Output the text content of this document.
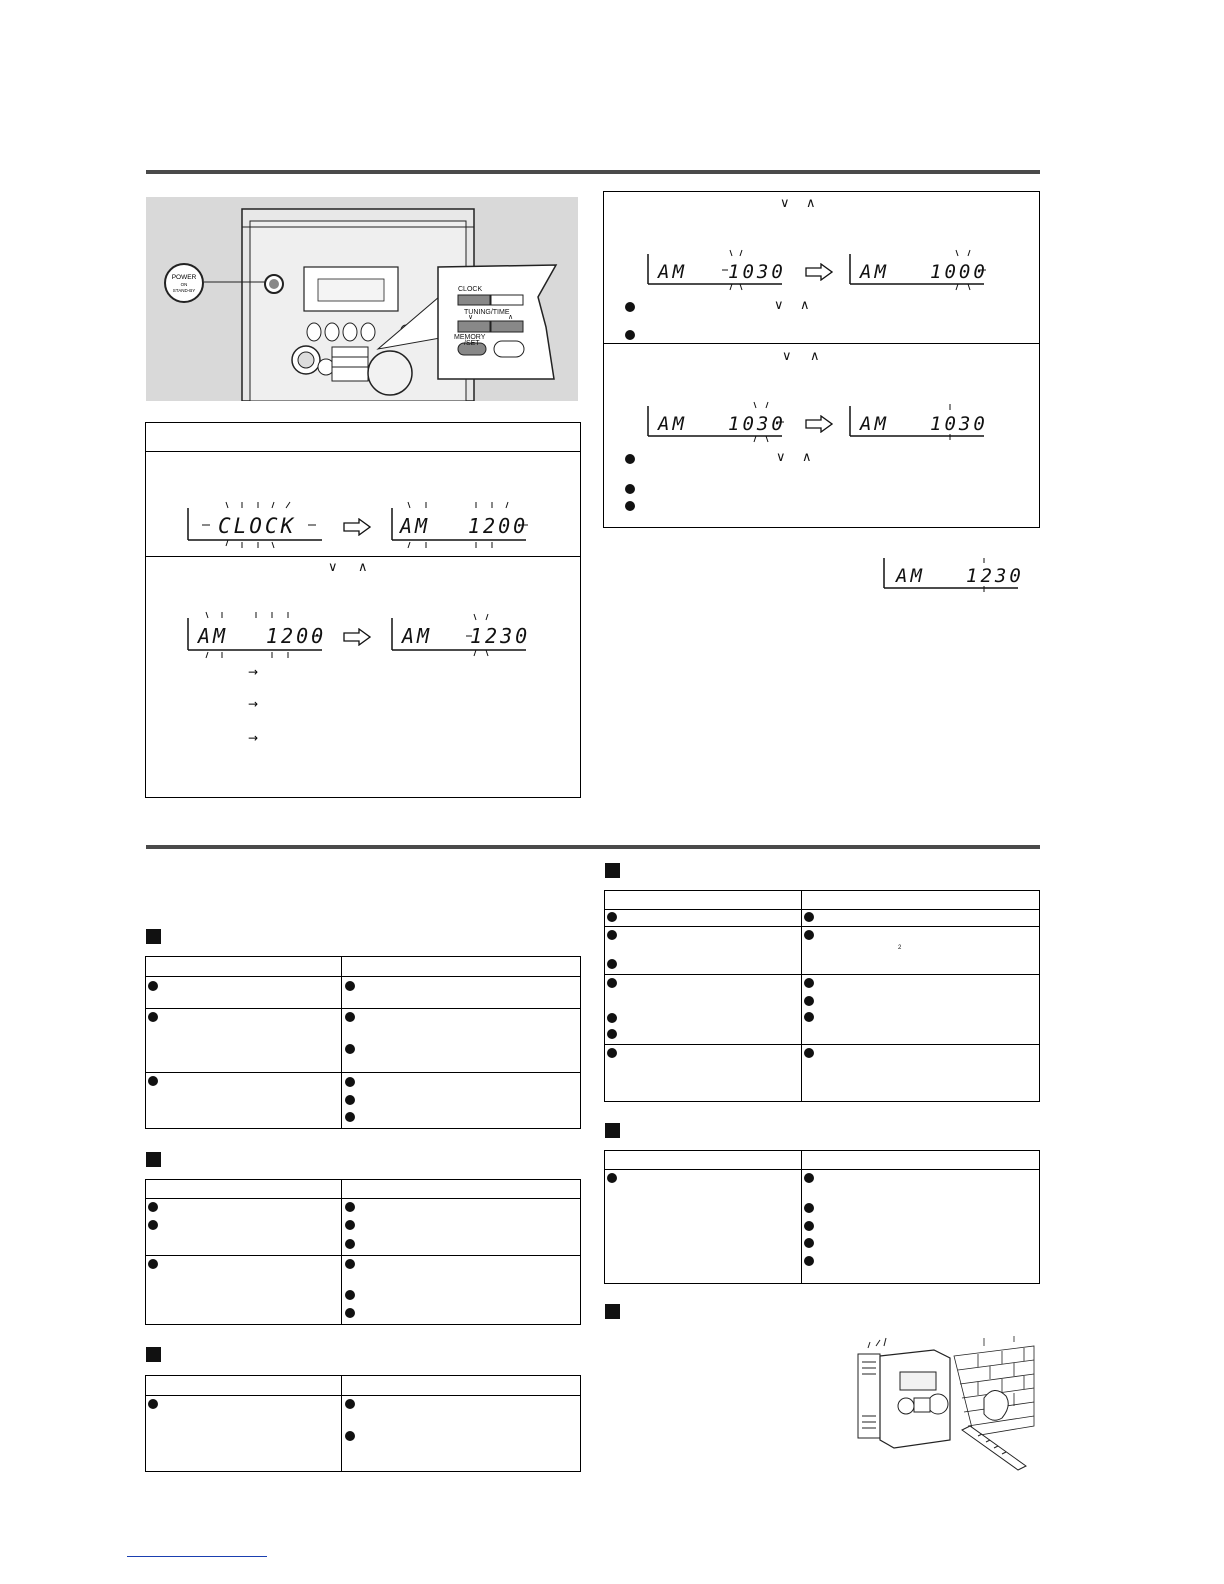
POWER
ON
STAND-BY	CLOCK
TUNING/TIME
∨	∧
MEMORY
/SET
CLOCK	AM 1200
∨ ∧
AM 1200	AM 1230
→
→
→
∨ ∧
AM 1030	AM 1000
∨ ∧
∨ ∧
AM 1030	AM 1030
∨ ∧
AM 1230
2
